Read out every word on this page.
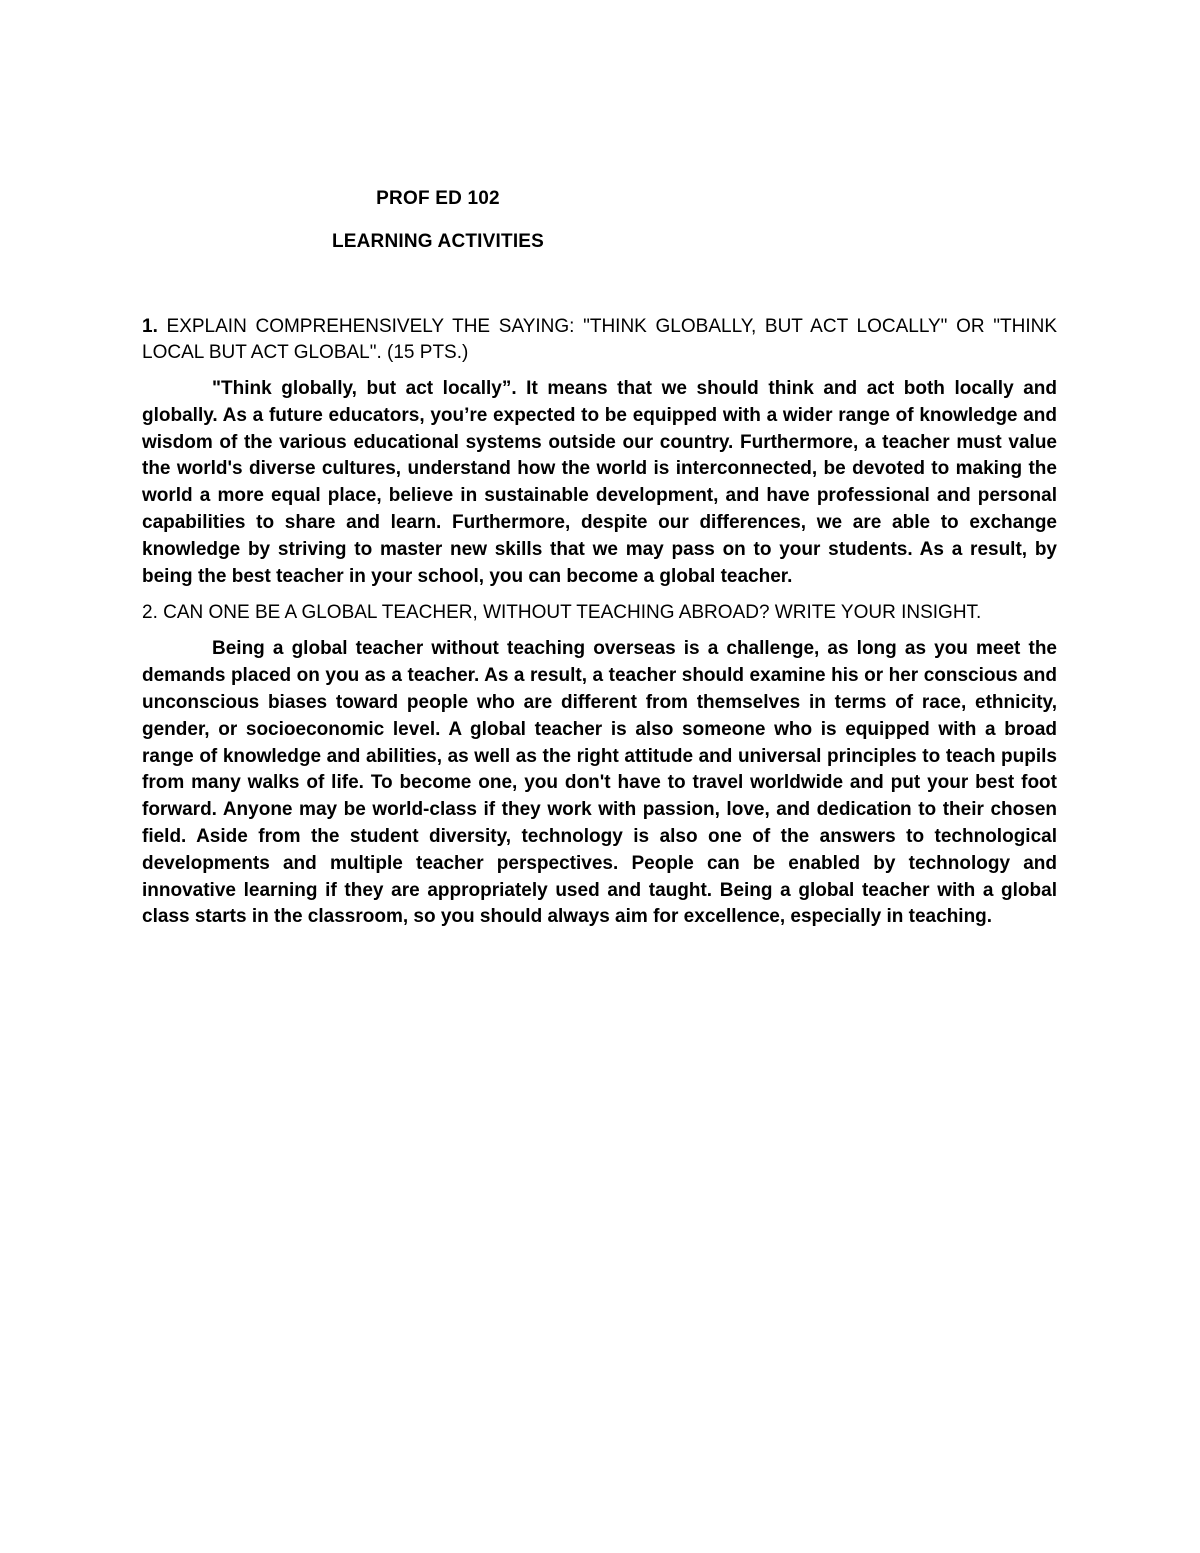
PROF ED 102
LEARNING ACTIVITIES

1. EXPLAIN COMPREHENSIVELY THE SAYING: "THINK GLOBALLY, BUT ACT LOCALLY" OR "THINK LOCAL BUT ACT GLOBAL". (15 PTS.)

"Think globally, but act locally”. It means that we should think and act both locally and globally. As a future educators, you’re expected to be equipped with a wider range of knowledge and wisdom of the various educational systems outside our country. Furthermore, a teacher must value the world's diverse cultures, understand how the world is interconnected, be devoted to making the world a more equal place, believe in sustainable development, and have professional and personal capabilities to share and learn. Furthermore, despite our differences, we are able to exchange knowledge by striving to master new skills that we may pass on to your students. As a result, by being the best teacher in your school, you can become a global teacher.

2. CAN ONE BE A GLOBAL TEACHER, WITHOUT TEACHING ABROAD? WRITE YOUR INSIGHT.

Being a global teacher without teaching overseas is a challenge, as long as you meet the demands placed on you as a teacher. As a result, a teacher should examine his or her conscious and unconscious biases toward people who are different from themselves in terms of race, ethnicity, gender, or socioeconomic level. A global teacher is also someone who is equipped with a broad range of knowledge and abilities, as well as the right attitude and universal principles to teach pupils from many walks of life. To become one, you don't have to travel worldwide and put your best foot forward. Anyone may be world-class if they work with passion, love, and dedication to their chosen field. Aside from the student diversity, technology is also one of the answers to technological developments and multiple teacher perspectives. People can be enabled by technology and innovative learning if they are appropriately used and taught. Being a global teacher with a global class starts in the classroom, so you should always aim for excellence, especially in teaching.
